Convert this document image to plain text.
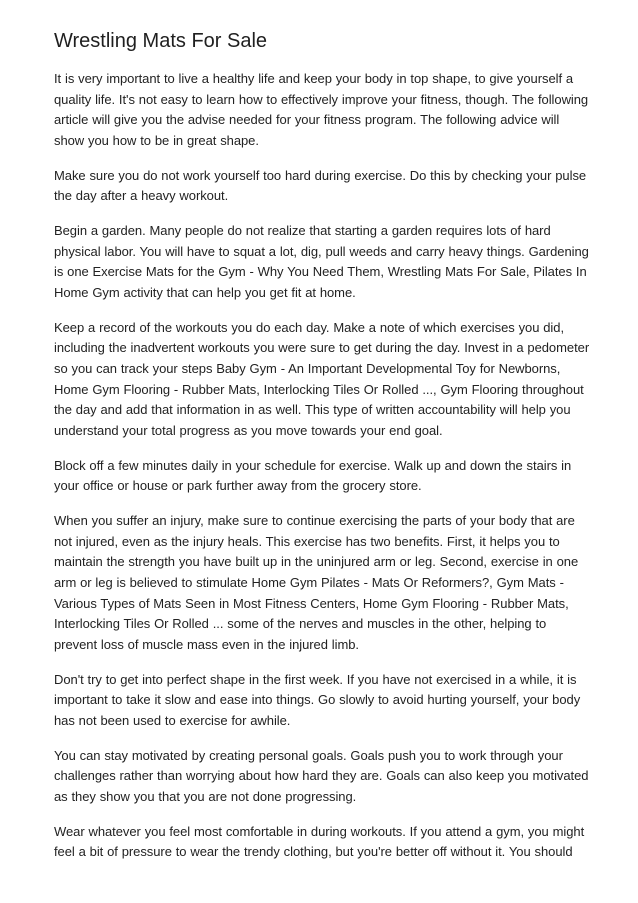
Wrestling Mats For Sale

It is very important to live a healthy life and keep your body in top shape, to give yourself a quality life. It's not easy to learn how to effectively improve your fitness, though. The following article will give you the advise needed for your fitness program. The following advice will show you how to be in great shape.

Make sure you do not work yourself too hard during exercise. Do this by checking your pulse the day after a heavy workout.

Begin a garden. Many people do not realize that starting a garden requires lots of hard physical labor. You will have to squat a lot, dig, pull weeds and carry heavy things. Gardening is one Exercise Mats for the Gym - Why You Need Them, Wrestling Mats For Sale, Pilates In Home Gym activity that can help you get fit at home.

Keep a record of the workouts you do each day. Make a note of which exercises you did, including the inadvertent workouts you were sure to get during the day. Invest in a pedometer so you can track your steps Baby Gym - An Important Developmental Toy for Newborns, Home Gym Flooring - Rubber Mats, Interlocking Tiles Or Rolled ..., Gym Flooring throughout the day and add that information in as well. This type of written accountability will help you understand your total progress as you move towards your end goal.

Block off a few minutes daily in your schedule for exercise. Walk up and down the stairs in your office or house or park further away from the grocery store.

When you suffer an injury, make sure to continue exercising the parts of your body that are not injured, even as the injury heals. This exercise has two benefits. First, it helps you to maintain the strength you have built up in the uninjured arm or leg. Second, exercise in one arm or leg is believed to stimulate Home Gym Pilates - Mats Or Reformers?, Gym Mats - Various Types of Mats Seen in Most Fitness Centers, Home Gym Flooring - Rubber Mats, Interlocking Tiles Or Rolled ... some of the nerves and muscles in the other, helping to prevent loss of muscle mass even in the injured limb.

Don't try to get into perfect shape in the first week. If you have not exercised in a while, it is important to take it slow and ease into things. Go slowly to avoid hurting yourself, your body has not been used to exercise for awhile.

You can stay motivated by creating personal goals. Goals push you to work through your challenges rather than worrying about how hard they are. Goals can also keep you motivated as they show you that you are not done progressing.

Wear whatever you feel most comfortable in during workouts. If you attend a gym, you might feel a bit of pressure to wear the trendy clothing, but you're better off without it. You should
